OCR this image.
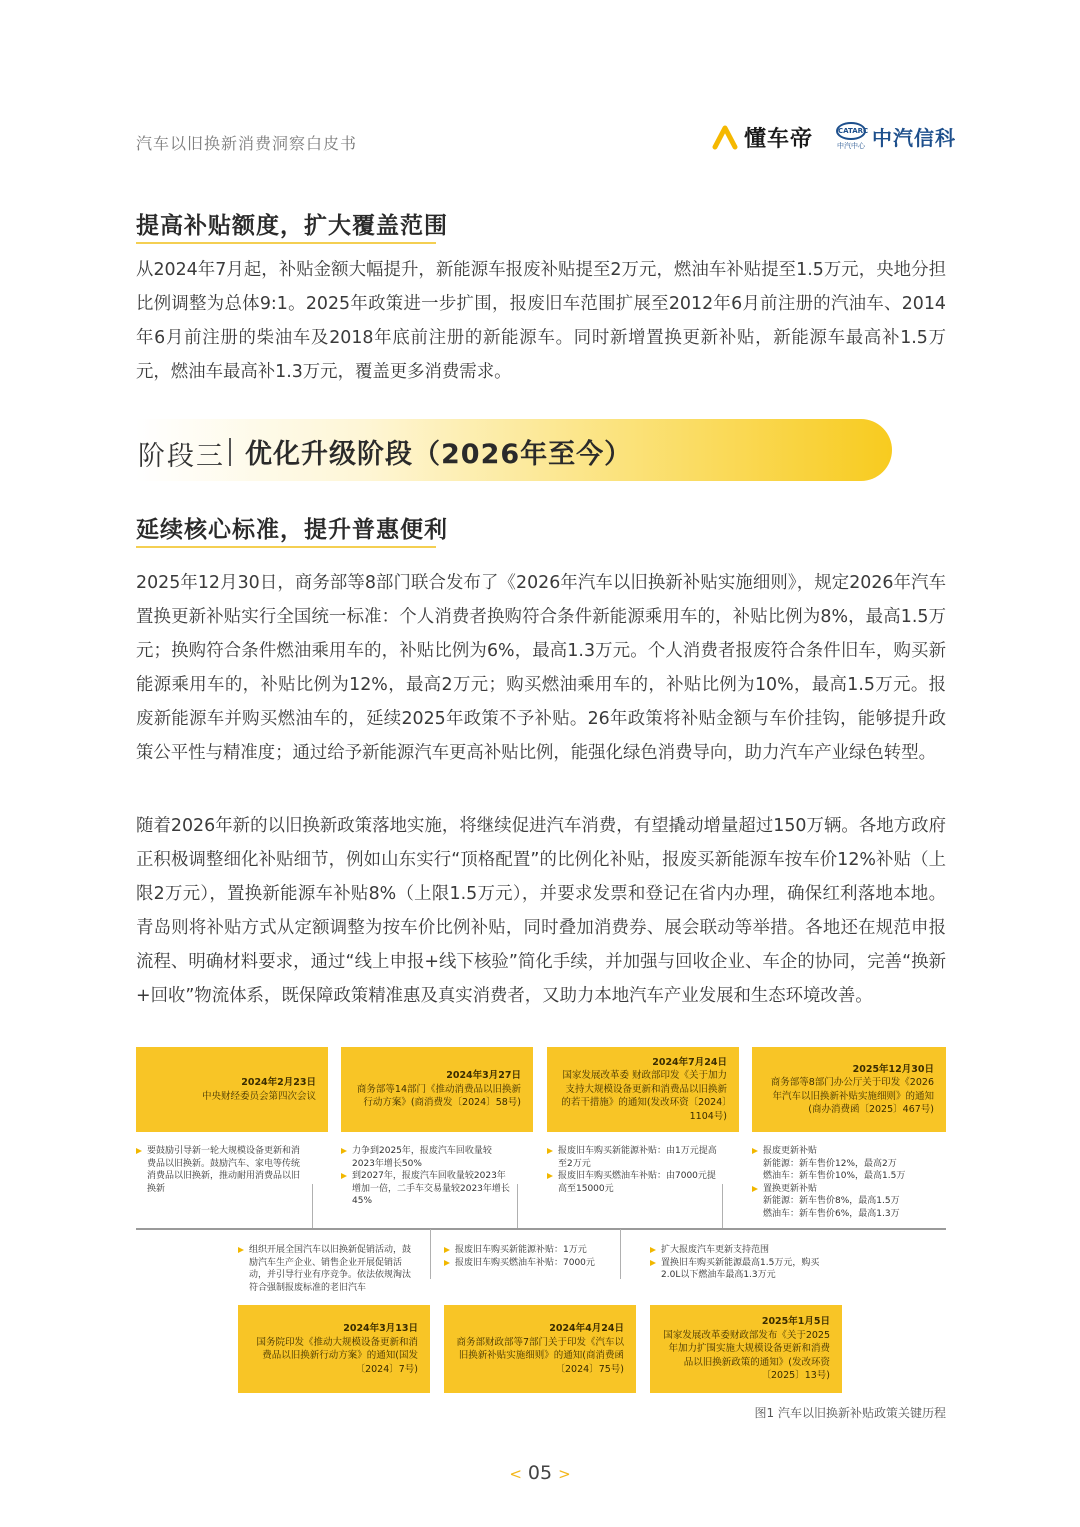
汽车以旧换新消费洞察白皮书	懂车帝	CATARC
中汽中心 中汽信科
提高补贴额度，扩大覆盖范围
从2024年7月起，补贴金额大幅提升，新能源车报废补贴提至2万元，燃油车补贴提至1.5万元，央地分担比例调整为总体9:1。2025年政策进一步扩围，报废旧车范围扩展至2012年6月前注册的汽油车、2014年6月前注册的柴油车及2018年底前注册的新能源车。同时新增置换更新补贴，新能源车最高补1.5万元，燃油车最高补1.3万元，覆盖更多消费需求。
阶段三 优化升级阶段（2026年至今）
延续核心标准，提升普惠便利
2025年12月30日，商务部等8部门联合发布了《2026年汽车以旧换新补贴实施细则》，规定2026年汽车置换更新补贴实行全国统一标准：个人消费者换购符合条件新能源乘用车的，补贴比例为8%，最高1.5万元；换购符合条件燃油乘用车的，补贴比例为6%，最高1.3万元。个人消费者报废符合条件旧车，购买新能源乘用车的，补贴比例为12%，最高2万元；购买燃油乘用车的，补贴比例为10%，最高1.5万元。报废新能源车并购买燃油车的，延续2025年政策不予补贴。26年政策将补贴金额与车价挂钩，能够提升政策公平性与精准度；通过给予新能源汽车更高补贴比例，能强化绿色消费导向，助力汽车产业绿色转型。
随着2026年新的以旧换新政策落地实施，将继续促进汽车消费，有望撬动增量超过150万辆。各地方政府正积极调整细化补贴细节，例如山东实行“顶格配置”的比例化补贴，报废买新能源车按车价12%补贴（上限2万元），置换新能源车补贴8%（上限1.5万元），并要求发票和登记在省内办理，确保红利落地本地。青岛则将补贴方式从定额调整为按车价比例补贴，同时叠加消费券、展会联动等举措。各地还在规范申报流程、明确材料要求，通过“线上申报+线下核验”简化手续，并加强与回收企业、车企的协同，完善“换新+回收”物流体系，既保障政策精准惠及真实消费者，又助力本地汽车产业发展和生态环境改善。
2024年2月23日
中央财经委员会第四次会议
2024年3月27日
商务部等14部门《推动消费品以旧换新行动方案》(商消费发〔2024〕58号)
2024年7月24日
国家发展改革委 财政部印发《关于加力支持大规模设备更新和消费品以旧换新的若干措施》的通知(发改环资〔2024〕1104号)
2025年12月30日
商务部等8部门办公厅关于印发《2026年汽车以旧换新补贴实施细则》的通知(商办消费函〔2025〕467号)
要鼓励引导新一轮大规模设备更新和消费品以旧换新。鼓励汽车、家电等传统消费品以旧换新，推动耐用消费品以旧换新
力争到2025年，报废汽车回收量较2023年增长50%
到2027年，报废汽车回收量较2023年增加一倍，二手车交易量较2023年增长45%
报废旧车购买新能源补贴：由1万元提高至2万元
报废旧车购买燃油车补贴：由7000元提高至15000元
报废更新补贴
新能源：新车售价12%，最高2万
燃油车：新车售价10%，最高1.5万
置换更新补贴
新能源：新车售价8%，最高1.5万
燃油车：新车售价6%，最高1.3万
组织开展全国汽车以旧换新促销活动，鼓励汽车生产企业、销售企业开展促销活动，并引导行业有序竞争。依法依规淘汰符合强制报废标准的老旧汽车
报废旧车购买新能源补贴：1万元
报废旧车购买燃油车补贴：7000元
扩大报废汽车更新支持范围
置换旧车购买新能源最高1.5万元，购买2.0L以下燃油车最高1.3万元
2024年3月13日
国务院印发《推动大规模设备更新和消费品以旧换新行动方案》的通知(国发〔2024〕7号)
2024年4月24日
商务部财政部等7部门关于印发《汽车以旧换新补贴实施细则》的通知(商消费函〔2024〕75号)
2025年1月5日
国家发展改革委财政部发布《关于2025年加力扩围实施大规模设备更新和消费品以旧换新政策的通知》(发改环资〔2025〕13号)
图1 汽车以旧换新补贴政策关键历程
< 05 >
